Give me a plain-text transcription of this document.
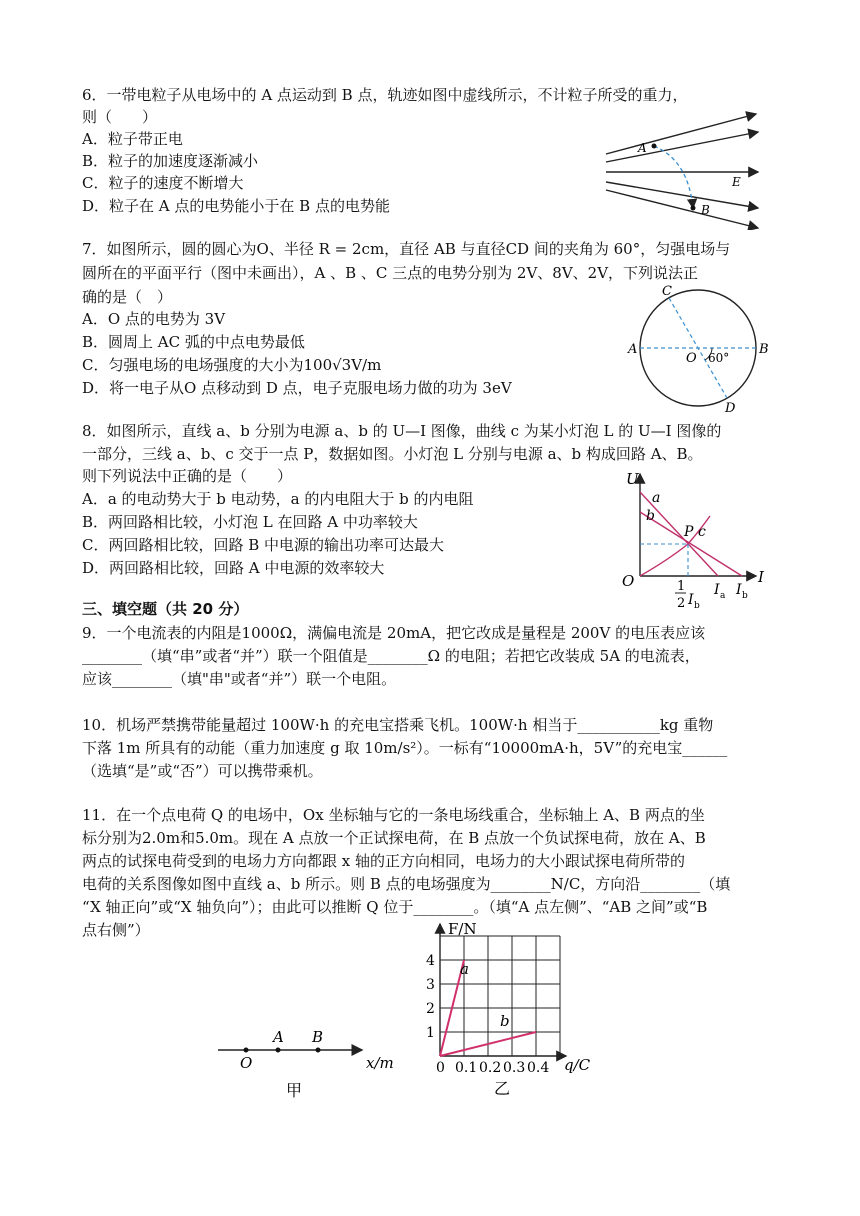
6．一带电粒子从电场中的 A 点运动到 B 点，轨迹如图中虚线所示，不计粒子所受的重力，
则（　　）
A．粒子带正电
B．粒子的加速度逐渐减小
C．粒子的速度不断增大
D．粒子在 A 点的电势能小于在 B 点的电势能
A
B
E
7．如图所示，圆的圆心为O、半径 R = 2cm，直径 AB 与直径CD 间的夹角为 60°，匀强电场与
圆所在的平面平行（图中未画出），A 、B 、C 三点的电势分别为 2V、8V、2V，下列说法正
确的是（　）
A．O 点的电势为 3V
B．圆周上 AC 弧的中点电势最低
C．匀强电场的电场强度的大小为100√3V/m
D．将一电子从O 点移动到 D 点，电子克服电场力做的功为 3eV
C
A	B
D
O 60°
8．如图所示，直线 a、b 分别为电源 a、b 的 U—I 图像，曲线 c 为某小灯泡 L 的 U—I 图像的
一部分，三线 a、b、c 交于一点 P，数据如图。小灯泡 L 分别与电源 a、b 构成回路 A、B。
则下列说法中正确的是（　　）
A．a 的电动势大于 b 电动势，a 的内电阻大于 b 的内电阻
B．两回路相比较，小灯泡 L 在回路 A 中功率较大
C．两回路相比较，回路 B 中电源的输出功率可达最大
D．两回路相比较，回路 A 中电源的效率较大
U
I
O
a
b
P c
1
2 I b
I a I b
三、填空题（共 20 分）
9．一个电流表的内阻是1000Ω，满偏电流是 20mA，把它改成是量程是 200V 的电压表应该
________（填“串”或者“并”）联一个阻值是________Ω 的电阻；若把它改装成 5A 的电流表，
应该________（填"串"或者“并”）联一个电阻。
10．机场严禁携带能量超过 100W·h 的充电宝搭乘飞机。100W·h 相当于___________kg 重物
下落 1m 所具有的动能（重力加速度 g 取 10m/s²）。一标有“10000mA·h，5V”的充电宝______
（选填“是”或“否”）可以携带乘机。
11．在一个点电荷 Q 的电场中，Ox 坐标轴与它的一条电场线重合，坐标轴上 A、B 两点的坐
标分别为2.0m和5.0m。现在 A 点放一个正试探电荷，在 B 点放一个负试探电荷，放在 A、B
两点的试探电荷受到的电场力方向都跟 x 轴的正方向相同，电场力的大小跟试探电荷所带的
电荷的关系图像如图中直线 a、b 所示。则 B 点的电场强度为________N/C，方向沿________（填
“X 轴正向”或“X 轴负向”）；由此可以推断 Q 位于________。（填“A 点左侧”、“AB 之间”或“B
点右侧”）
O
A B
x/m
甲
0 0.1 0.2 0.3 0.4
1
2
3
4 a
b
F/N
q/C
乙
